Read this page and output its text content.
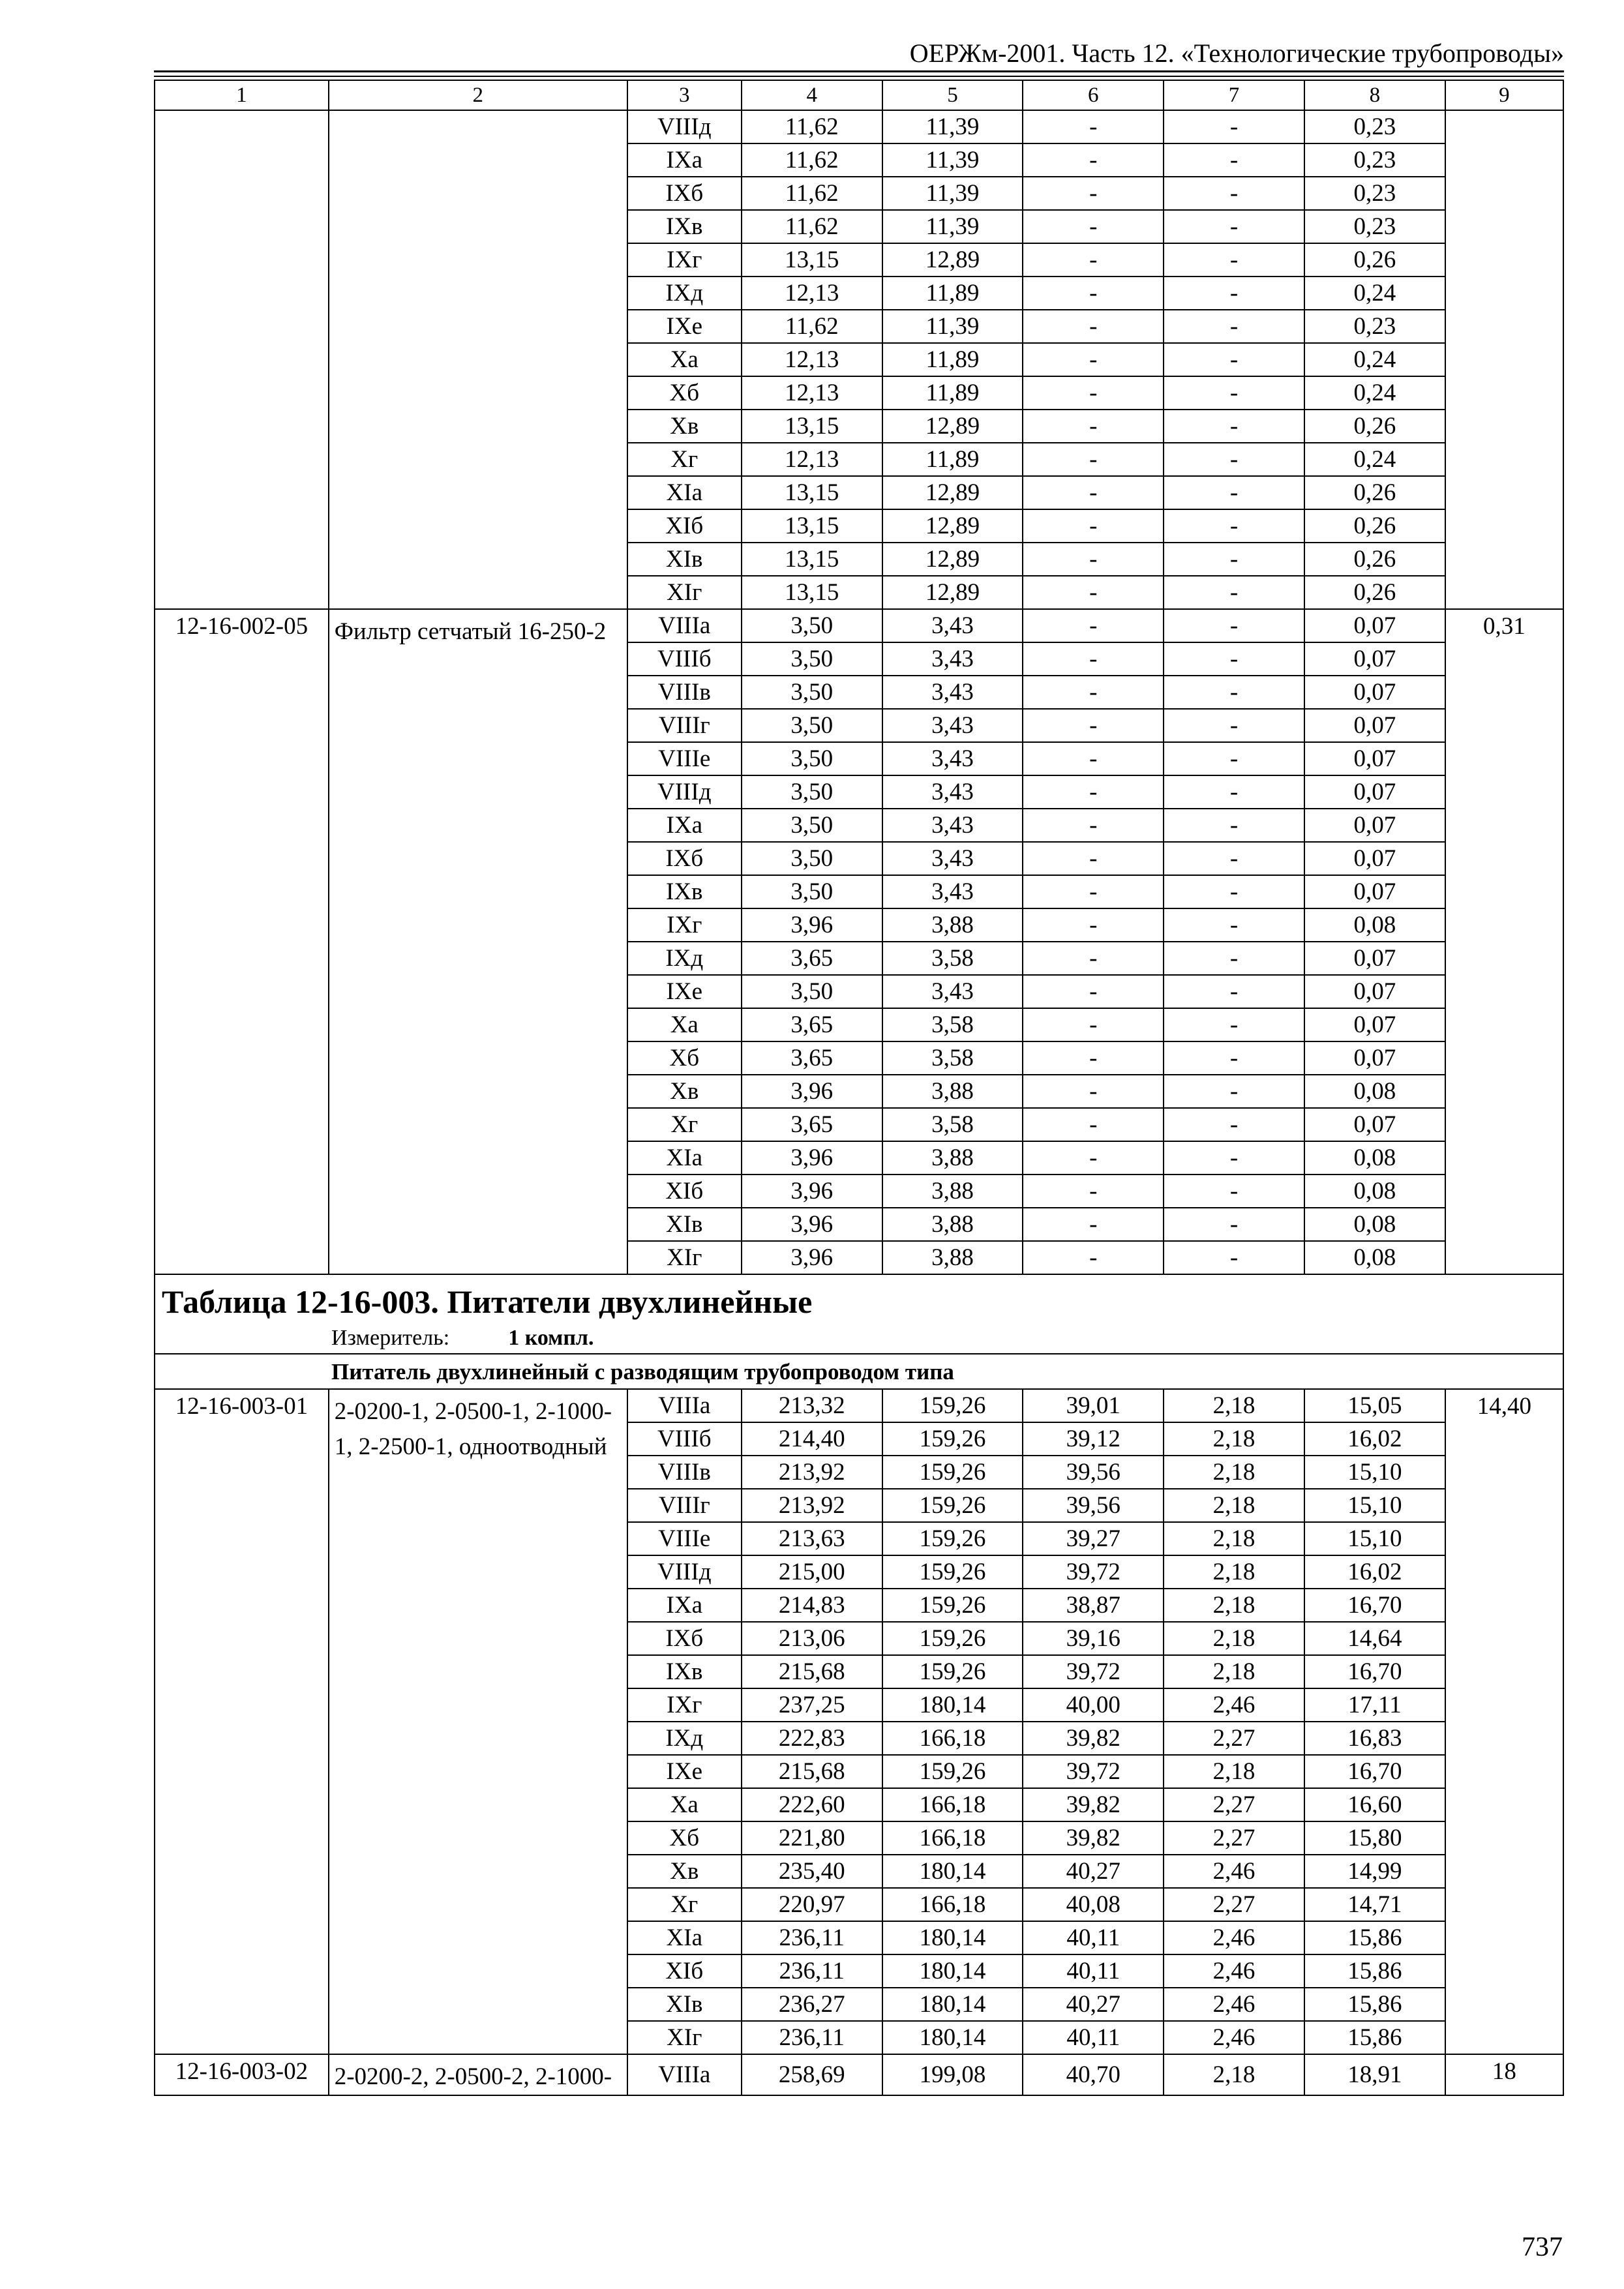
ОЕРЖм-2001. Часть 12. «Технологические трубопроводы»
1	2	3	4	5	6	7	8	9
		VIIIд	11,62	11,39	-	-	0,23	
		IXа	11,62	11,39	-	-	0,23	
		IXб	11,62	11,39	-	-	0,23	
		IXв	11,62	11,39	-	-	0,23	
		IXг	13,15	12,89	-	-	0,26	
		IXд	12,13	11,89	-	-	0,24	
		IXе	11,62	11,39	-	-	0,23	
		Xа	12,13	11,89	-	-	0,24	
		Xб	12,13	11,89	-	-	0,24	
		Xв	13,15	12,89	-	-	0,26	
		Xг	12,13	11,89	-	-	0,24	
		XIа	13,15	12,89	-	-	0,26	
		XIб	13,15	12,89	-	-	0,26	
		XIв	13,15	12,89	-	-	0,26	
		XIг	13,15	12,89	-	-	0,26	
12-16-002-05	Фильтр сетчатый 16-250-2	VIIIа	3,50	3,43	-	-	0,07	0,31
		VIIIб	3,50	3,43	-	-	0,07	
		VIIIв	3,50	3,43	-	-	0,07	
		VIIIг	3,50	3,43	-	-	0,07	
		VIIIе	3,50	3,43	-	-	0,07	
		VIIIд	3,50	3,43	-	-	0,07	
		IXа	3,50	3,43	-	-	0,07	
		IXб	3,50	3,43	-	-	0,07	
		IXв	3,50	3,43	-	-	0,07	
		IXг	3,96	3,88	-	-	0,08	
		IXд	3,65	3,58	-	-	0,07	
		IXе	3,50	3,43	-	-	0,07	
		Xа	3,65	3,58	-	-	0,07	
		Xб	3,65	3,58	-	-	0,07	
		Xв	3,96	3,88	-	-	0,08	
		Xг	3,65	3,58	-	-	0,07	
		XIа	3,96	3,88	-	-	0,08	
		XIб	3,96	3,88	-	-	0,08	
		XIв	3,96	3,88	-	-	0,08	
		XIг	3,96	3,88	-	-	0,08	

Таблица 12-16-003. Питатели двухлинейные
Измеритель: 1 компл.								

Питатель двухлинейный с разводящим трубопроводом типа								
12-16-003-01	2-0200-1, 2-0500-1, 2-1000-1, 2-2500-1, одноотводный	VIIIа	213,32	159,26	39,01	2,18	15,05	14,40
		VIIIб	214,40	159,26	39,12	2,18	16,02	
		VIIIв	213,92	159,26	39,56	2,18	15,10	
		VIIIг	213,92	159,26	39,56	2,18	15,10	
		VIIIе	213,63	159,26	39,27	2,18	15,10	
		VIIIд	215,00	159,26	39,72	2,18	16,02	
		IXа	214,83	159,26	38,87	2,18	16,70	
		IXб	213,06	159,26	39,16	2,18	14,64	
		IXв	215,68	159,26	39,72	2,18	16,70	
		IXг	237,25	180,14	40,00	2,46	17,11	
		IXд	222,83	166,18	39,82	2,27	16,83	
		IXе	215,68	159,26	39,72	2,18	16,70	
		Xа	222,60	166,18	39,82	2,27	16,60	
		Xб	221,80	166,18	39,82	2,27	15,80	
		Xв	235,40	180,14	40,27	2,46	14,99	
		Xг	220,97	166,18	40,08	2,27	14,71	
		XIа	236,11	180,14	40,11	2,46	15,86	
		XIб	236,11	180,14	40,11	2,46	15,86	
		XIв	236,27	180,14	40,27	2,46	15,86	
		XIг	236,11	180,14	40,11	2,46	15,86	
12-16-003-02	2-0200-2, 2-0500-2, 2-1000-	VIIIа	258,69	199,08	40,70	2,18	18,91	18
737
